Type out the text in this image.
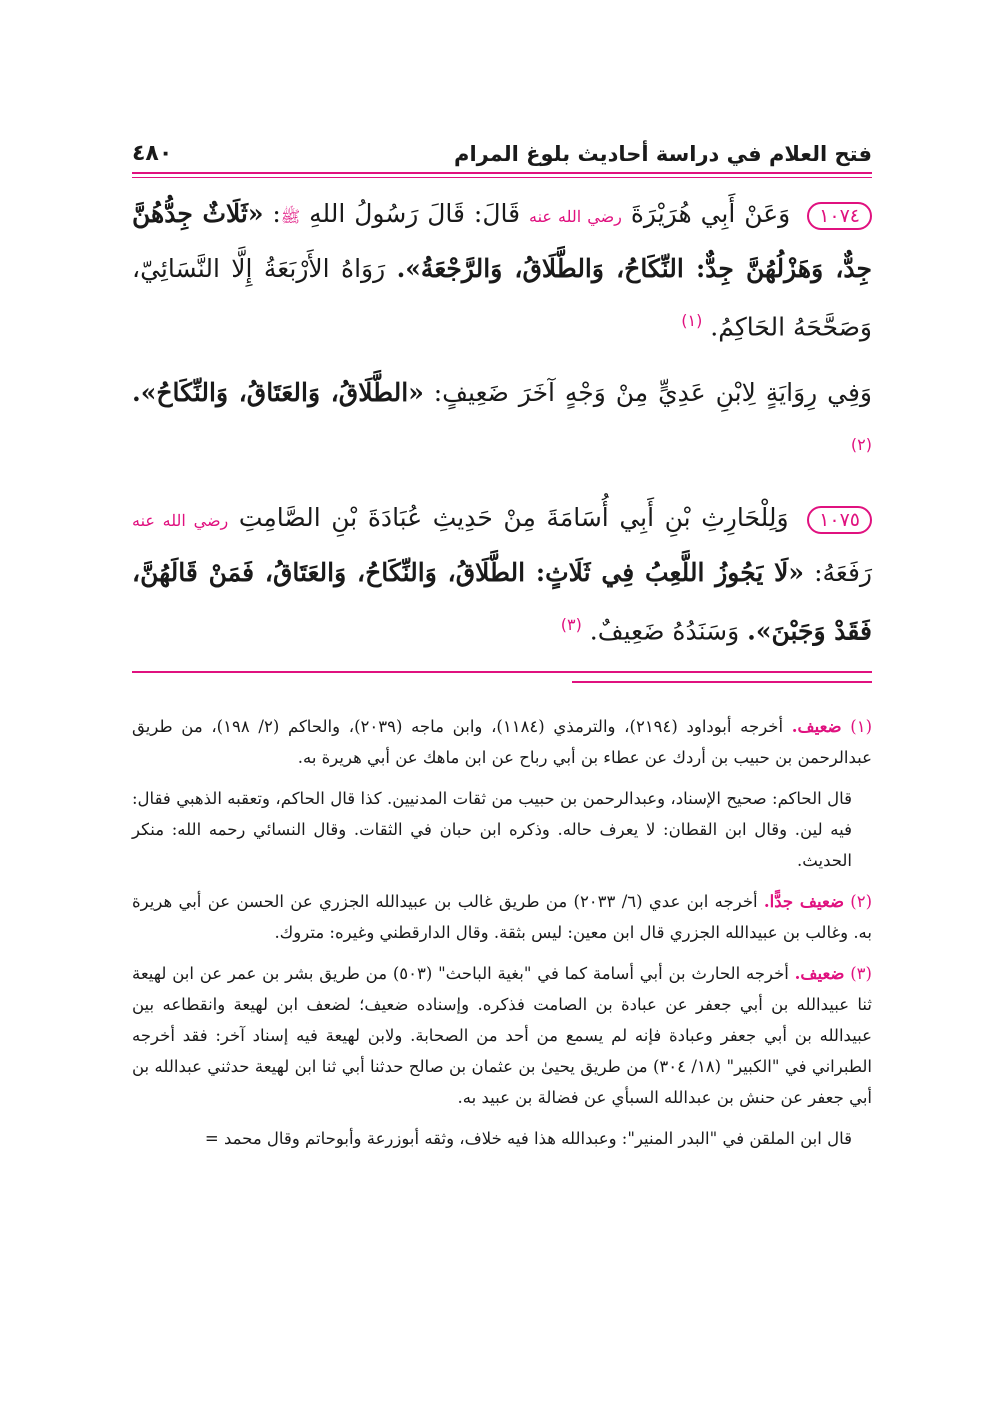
فتح العلام في دراسة أحاديث بلوغ المرام
٤٨٠

١٠٧٤ وَعَنْ أَبِي هُرَيْرَةَ رضي الله عنه قَالَ: قَالَ رَسُولُ اللهِ ﷺ: «ثَلَاثٌ جِدُّهُنَّ جِدٌّ، وَهَزْلُهُنَّ جِدٌّ: النِّكَاحُ، وَالطَّلَاقُ، وَالرَّجْعَةُ». رَوَاهُ الأَرْبَعَةُ إِلَّا النَّسَائِيّ، وَصَحَّحَهُ الحَاكِمُ. $^{(١)}$

وَفِي رِوَايَةٍ لِابْنِ عَدِيٍّ مِنْ وَجْهٍ آخَرَ ضَعِيفٍ: «الطَّلَاقُ، وَالعَتَاقُ، وَالنِّكَاحُ». $^{(٢)}$

١٠٧٥ وَلِلْحَارِثِ بْنِ أَبِي أُسَامَةَ مِنْ حَدِيثِ عُبَادَةَ بْنِ الصَّامِتِ رضي الله عنه رَفَعَهُ: «لَا يَجُوزُ اللَّعِبُ فِي ثَلَاثٍ: الطَّلَاقُ، وَالنِّكَاحُ، وَالعَتَاقُ، فَمَنْ قَالَهُنَّ، فَقَدْ وَجَبْنَ». وَسَنَدُهُ ضَعِيفٌ. $^{(٣)}$

(١) ضعيف. أخرجه أبوداود (٢١٩٤)، والترمذي (١١٨٤)، وابن ماجه (٢٠٣٩)، والحاكم (٢/ ١٩٨)، من طريق عبدالرحمن بن حبيب بن أردك عن عطاء بن أبي رباح عن ابن ماهك عن أبي هريرة به.

قال الحاكم: صحيح الإسناد، وعبدالرحمن بن حبيب من ثقات المدنيين. كذا قال الحاكم، وتعقبه الذهبي فقال: فيه لين. وقال ابن القطان: لا يعرف حاله. وذكره ابن حبان في الثقات. وقال النسائي رحمه الله: منكر الحديث.

(٢) ضعيف جدًّا. أخرجه ابن عدي (٦/ ٢٠٣٣) من طريق غالب بن عبيدالله الجزري عن الحسن عن أبي هريرة به. وغالب بن عبيدالله الجزري قال ابن معين: ليس بثقة. وقال الدارقطني وغيره: متروك.

(٣) ضعيف. أخرجه الحارث بن أبي أسامة كما في "بغية الباحث" (٥٠٣) من طريق بشر بن عمر عن ابن لهيعة ثنا عبيدالله بن أبي جعفر عن عبادة بن الصامت فذكره. وإسناده ضعيف؛ لضعف ابن لهيعة وانقطاعه بين عبيدالله بن أبي جعفر وعبادة فإنه لم يسمع من أحد من الصحابة. ولابن لهيعة فيه إسناد آخر: فقد أخرجه الطبراني في "الكبير" (١٨/ ٣٠٤) من طريق يحيىٰ بن عثمان بن صالح حدثنا أبي ثنا ابن لهيعة حدثني عبدالله بن أبي جعفر عن حنش بن عبدالله السبأي عن فضالة بن عبيد به.

قال ابن الملقن في "البدر المنير": وعبدالله هذا فيه خلاف، وثقه أبوزرعة وأبوحاتم وقال محمد =
